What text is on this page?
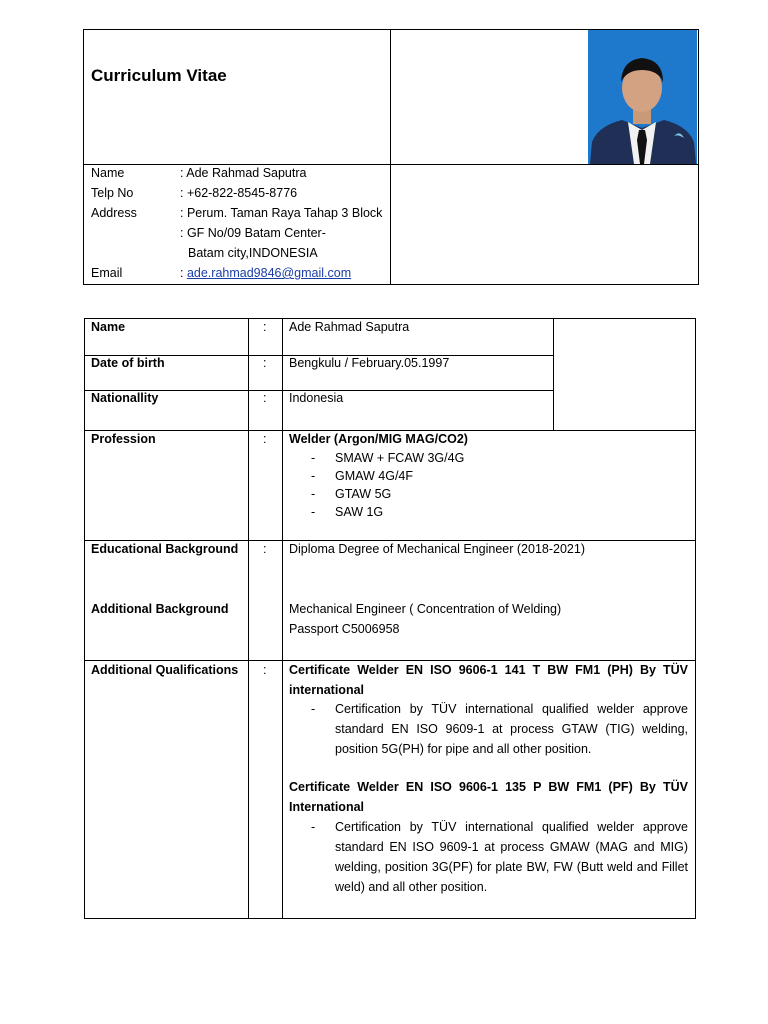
Curriculum Vitae
Name	: Ade Rahmad Saputra
Telp No	: +62-822-8545-8776
Address	: Perum. Taman Raya Tahap 3 Block
: GF No/09 Batam Center-
Batam city,INDONESIA
Email	: ade.rahmad9846@gmail.com
Name	: Ade Rahmad Saputra
Date of birth	: Bengkulu / February.05.1997
Nationallity	: Indonesia
Profession	: Welder (Argon/MIG MAG/CO2)
- SMAW + FCAW 3G/4G
- GMAW 4G/4F
- GTAW 5G
- SAW 1G
Educational Background : Diploma Degree of Mechanical Engineer (2018-2021)
Additional Background	Mechanical Engineer ( Concentration of Welding)
Passport C5006958
Additional Qualifications : Certificate Welder EN ISO 9606-1 141 T BW FM1 (PH) By TÜV
international
- Certification by TÜV international qualified welder approve
standard EN ISO 9609-1 at process GTAW (TIG) welding,
position 5G(PH) for pipe and all other position.
Certificate Welder EN ISO 9606-1 135 P BW FM1 (PF) By TÜV
International
- Certification by TÜV international qualified welder approve
standard EN ISO 9609-1 at process GMAW (MAG and MIG)
welding, position 3G(PF) for plate BW, FW (Butt weld and Fillet
weld) and all other position.
